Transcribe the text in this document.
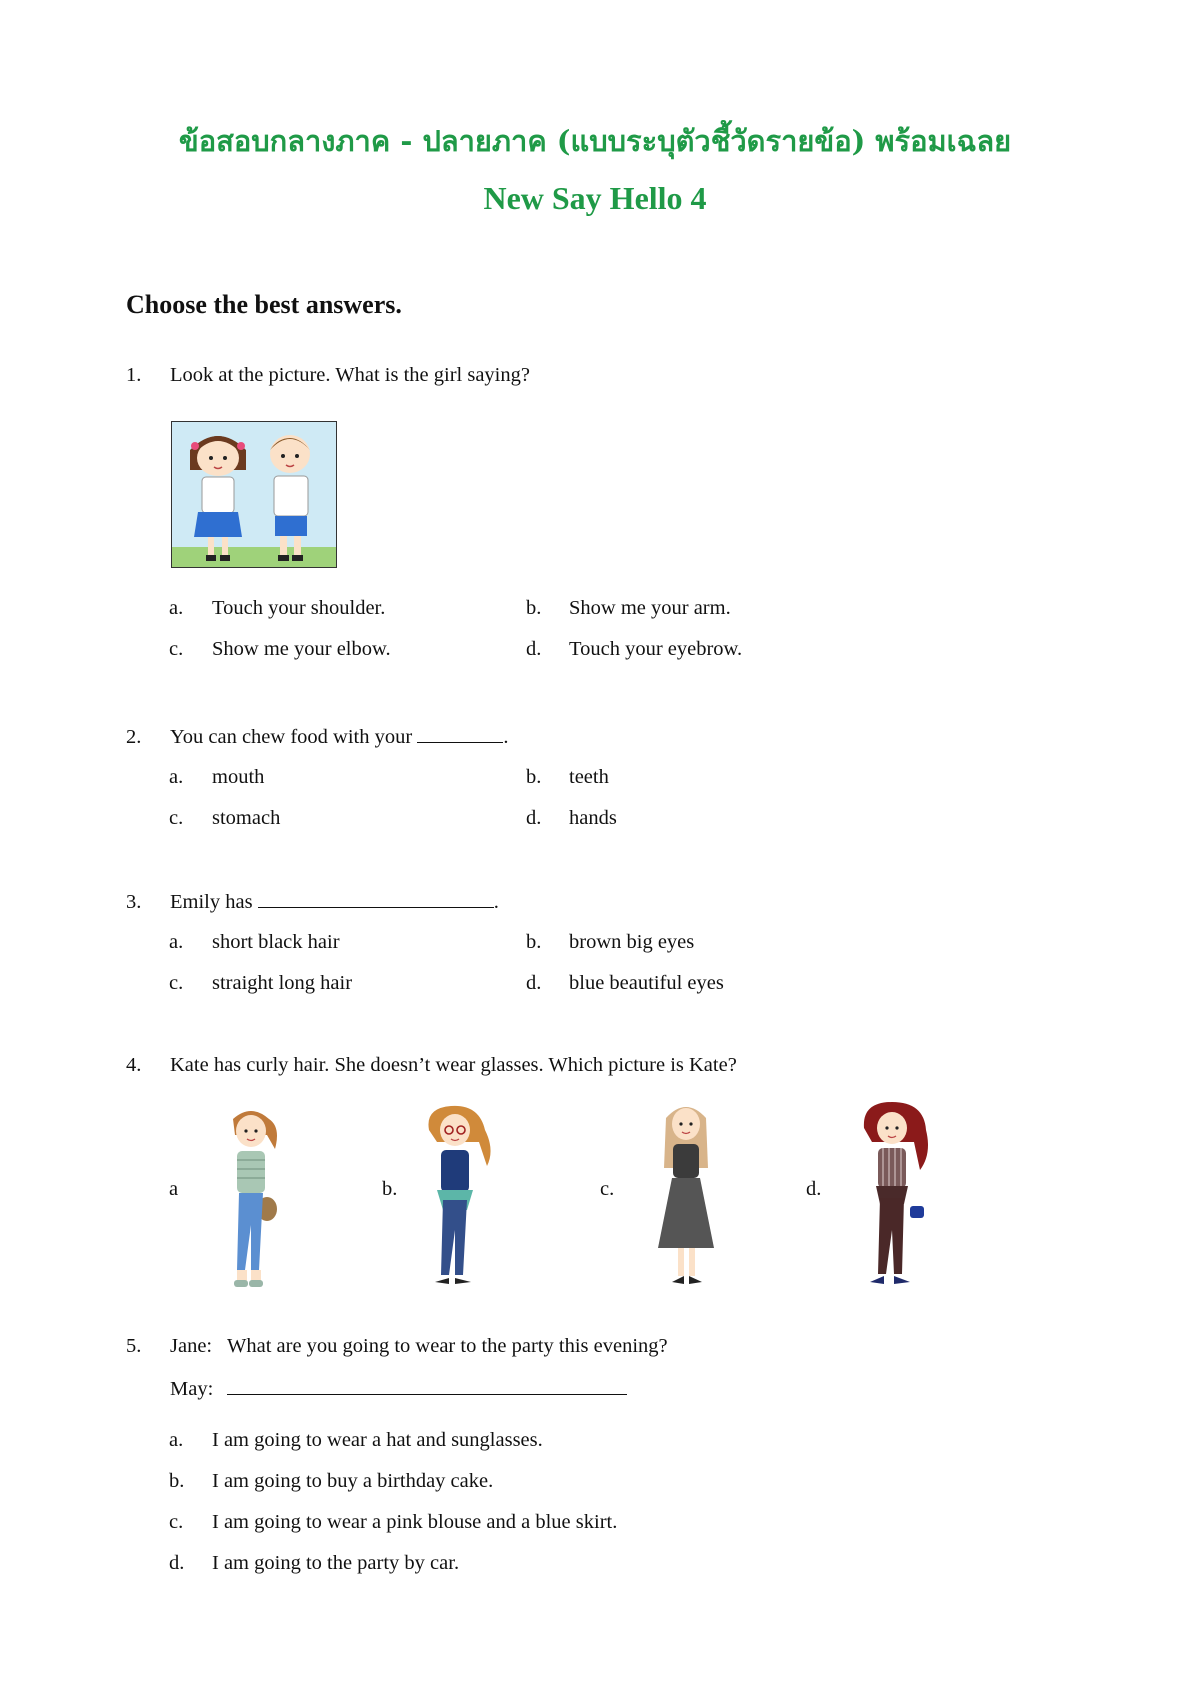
ข้อสอบกลางภาค - ปลายภาค (แบบระบุตัวชี้วัดรายข้อ) พร้อมเฉลย
New Say Hello 4
Choose the best answers.
1. Look at the picture. What is the girl saying?
a. Touch your shoulder.	b. Show me your arm.
c. Show me your elbow.	d. Touch your eyebrow.
2. You can chew food with your	.
a. mouth	b. teeth
c. stomach	d. hands
3. Emily has	.
a. short black hair	b. brown big eyes
c. straight long hair	d. blue beautiful eyes
4. Kate has curly hair. She doesn’t wear glasses. Which picture is Kate?
a	b.	c.	d.
5. Jane: What are you going to wear to the party this evening?
May:
a. I am going to wear a hat and sunglasses.
b. I am going to buy a birthday cake.
c. I am going to wear a pink blouse and a blue skirt.
d. I am going to the party by car.
